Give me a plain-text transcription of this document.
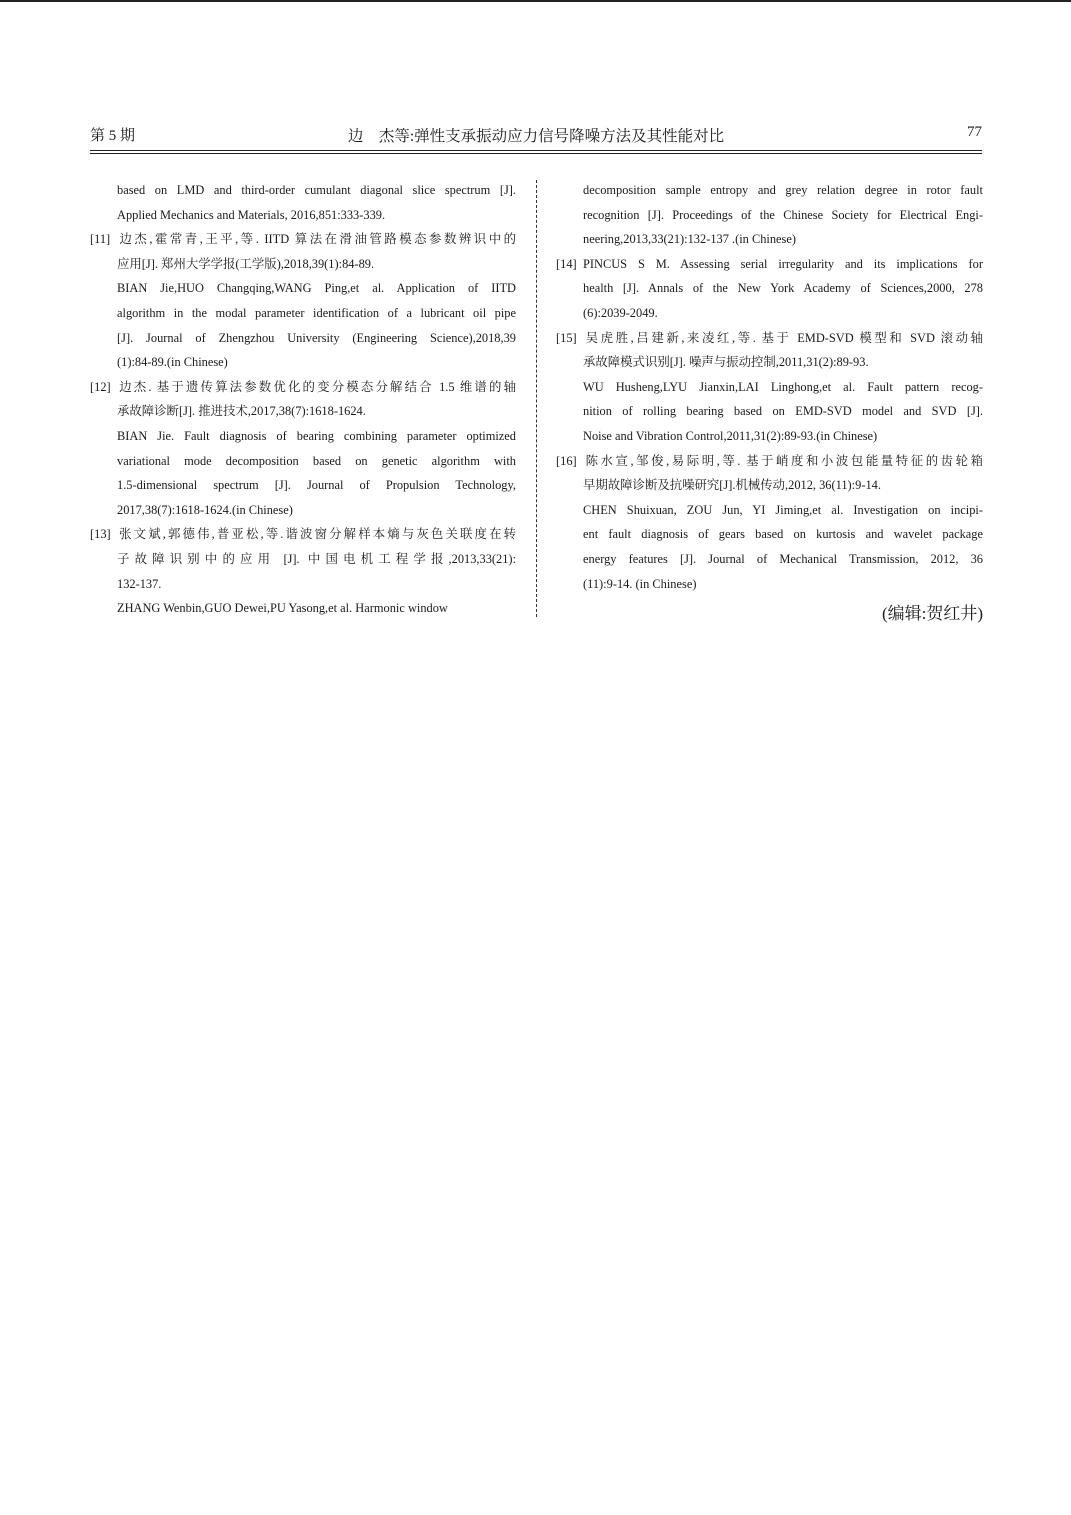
第 5 期	边　杰等:弹性支承振动应力信号降噪方法及其性能对比	77
based on LMD and third-order cumulant diagonal slice spectrum [J].
Applied Mechanics and Materials, 2016,851:333-339.
[11] 边杰,霍常青,王平,等. IITD 算法在滑油管路模态参数辨识中的
应用[J]. 郑州大学学报(工学版),2018,39(1):84-89.
BIAN Jie,HUO Changqing,WANG Ping,et al. Application of IITD
algorithm in the modal parameter identification of a lubricant oil pipe
[J]. Journal of Zhengzhou University (Engineering Science),2018,39
(1):84-89.(in Chinese)
[12] 边杰. 基于遗传算法参数优化的变分模态分解结合 1.5 维谱的轴
承故障诊断[J]. 推进技术,2017,38(7):1618-1624.
BIAN Jie. Fault diagnosis of bearing combining parameter optimized
variational mode decomposition based on genetic algorithm with
1.5-dimensional spectrum [J]. Journal of Propulsion Technology,
2017,38(7):1618-1624.(in Chinese)
[13] 张文斌,郭德伟,普亚松,等.谐波窗分解样本熵与灰色关联度在转
子故障识别中的应用 [J]. 中国电机工程学报,2013,33(21):
132-137.
ZHANG Wenbin,GUO Dewei,PU Yasong,et al. Harmonic window
decomposition sample entropy and grey relation degree in rotor fault
recognition [J]. Proceedings of the Chinese Society for Electrical Engi-
neering,2013,33(21):132-137 .(in Chinese)
[14] PINCUS S M. Assessing serial irregularity and its implications for
health [J]. Annals of the New York Academy of Sciences,2000, 278
(6):2039-2049.
[15] 吴虎胜,吕建新,来凌红,等. 基于 EMD-SVD 模型和 SVD 滚动轴
承故障模式识别[J]. 噪声与振动控制,2011,31(2):89-93.
WU Husheng,LYU Jianxin,LAI Linghong,et al. Fault pattern recog-
nition of rolling bearing based on EMD-SVD model and SVD [J].
Noise and Vibration Control,2011,31(2):89-93.(in Chinese)
[16] 陈水宣,邹俊,易际明,等. 基于峭度和小波包能量特征的齿轮箱
早期故障诊断及抗噪研究[J].机械传动,2012, 36(11):9-14.
CHEN Shuixuan, ZOU Jun, YI Jiming,et al. Investigation on incipi-
ent fault diagnosis of gears based on kurtosis and wavelet package
energy features [J]. Journal of Mechanical Transmission, 2012, 36
(11):9-14. (in Chinese)
(编辑:贺红井)
